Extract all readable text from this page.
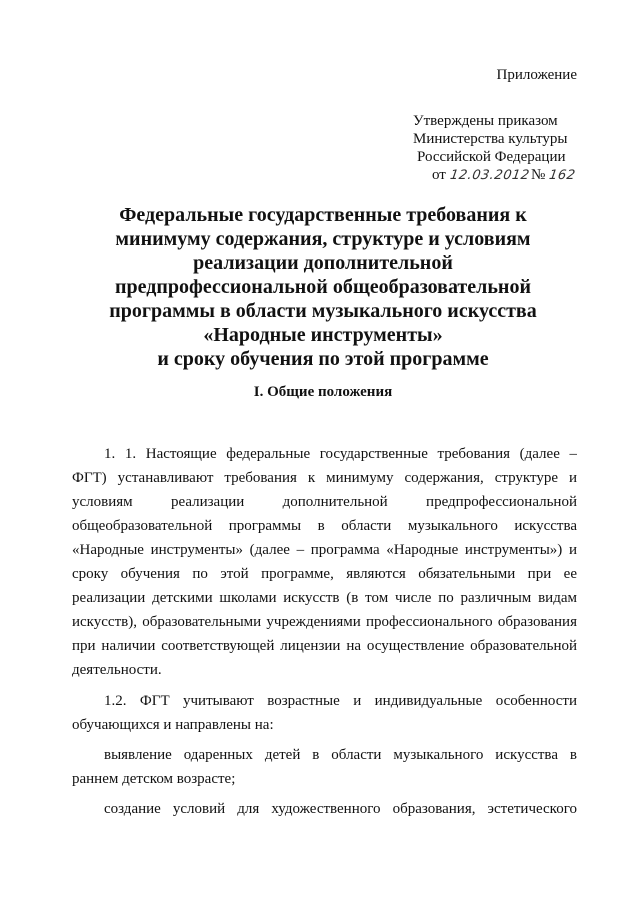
Приложение

Утверждены приказом
Министерства культуры
Российской Федерации
от 12.03.2012№ 162
Федеральные государственные требования к
минимуму содержания, структуре и условиям
реализации дополнительной
предпрофессиональной общеобразовательной
программы в области музыкального искусства
«Народные инструменты»
и сроку обучения по этой программе
I. Общие положения
1. 1. Настоящие федеральные государственные требования (далее –
ФГТ) устанавливают требования к минимуму содержания, структуре и
условиям реализации дополнительной предпрофессиональной
общеобразовательной программы в области музыкального искусства
«Народные инструменты» (далее – программа «Народные инструменты») и
сроку обучения по этой программе, являются обязательными при ее
реализации детскими школами искусств (в том числе по различным видам
искусств), образовательными учреждениями профессионального образования
при наличии соответствующей лицензии на осуществление образовательной
деятельности.
1.2. ФГТ учитывают возрастные и индивидуальные особенности
обучающихся и направлены на:
выявление одаренных детей в области музыкального искусства в
раннем детском возрасте;
создание условий для художественного образования, эстетического
